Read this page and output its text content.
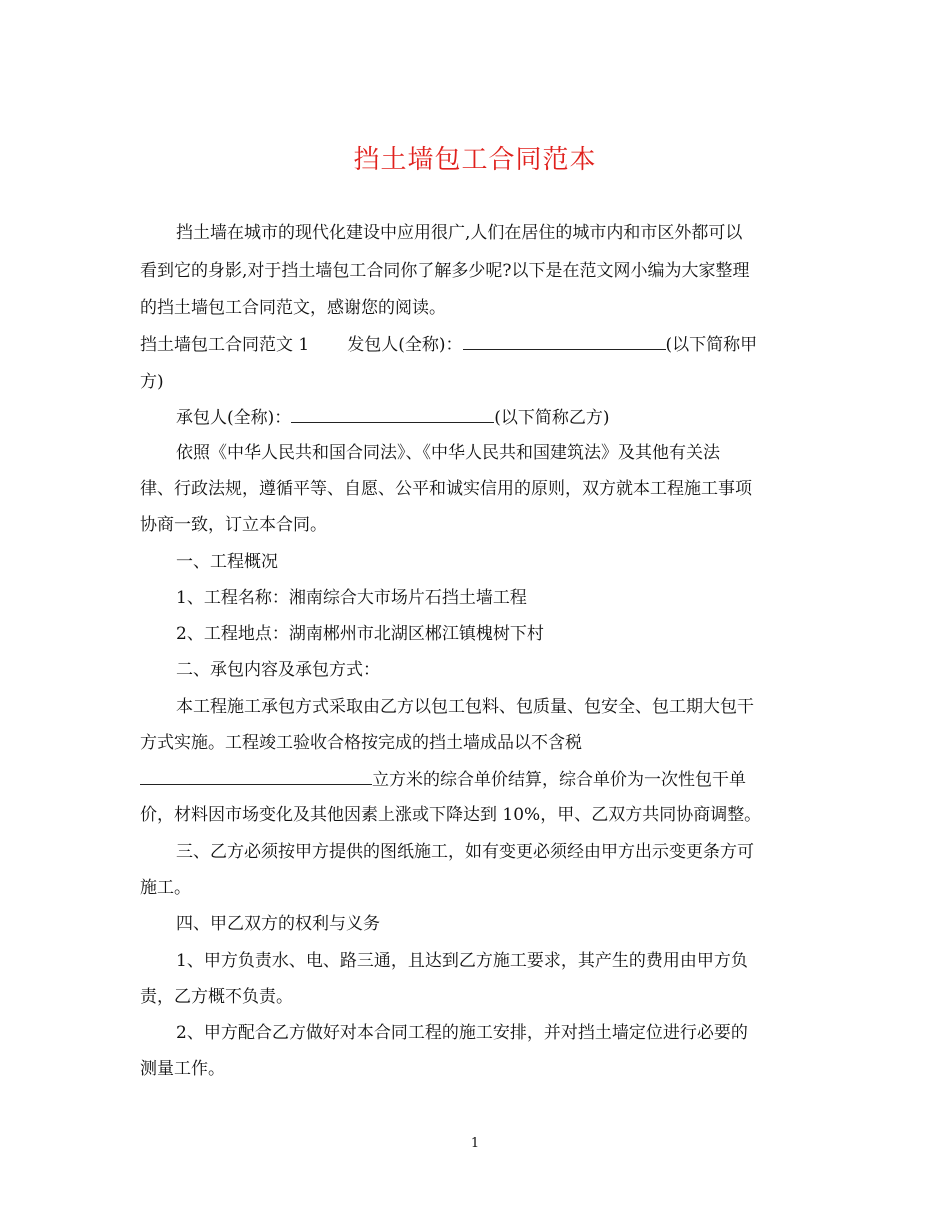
挡土墙包工合同范本
挡土墙在城市的现代化建设中应用很广,人们在居住的城市内和市区外都可以
看到它的身影,对于挡土墙包工合同你了解多少呢?以下是在范文网小编为大家整理
的挡土墙包工合同范文，感谢您的阅读。
挡土墙包工合同范文 1 发包人(全称)：	(以下简称甲
方)
承包人(全称)：	(以下简称乙方)
依照《中华人民共和国合同法》、《中华人民共和国建筑法》及其他有关法
律、行政法规，遵循平等、自愿、公平和诚实信用的原则，双方就本工程施工事项
协商一致，订立本合同。
一、工程概况
1、工程名称：湘南综合大市场片石挡土墙工程
2、工程地点：湖南郴州市北湖区郴江镇槐树下村
二、承包内容及承包方式：
本工程施工承包方式采取由乙方以包工包料、包质量、包安全、包工期大包干
方式实施。工程竣工验收合格按完成的挡土墙成品以不含税
立方米的综合单价结算，综合单价为一次性包干单
价，材料因市场变化及其他因素上涨或下降达到 10%，甲、乙双方共同协商调整。
三、乙方必须按甲方提供的图纸施工，如有变更必须经由甲方出示变更条方可
施工。
四、甲乙双方的权利与义务
1、甲方负责水、电、路三通，且达到乙方施工要求，其产生的费用由甲方负
责，乙方概不负责。
2、甲方配合乙方做好对本合同工程的施工安排，并对挡土墙定位进行必要的
测量工作。
1
